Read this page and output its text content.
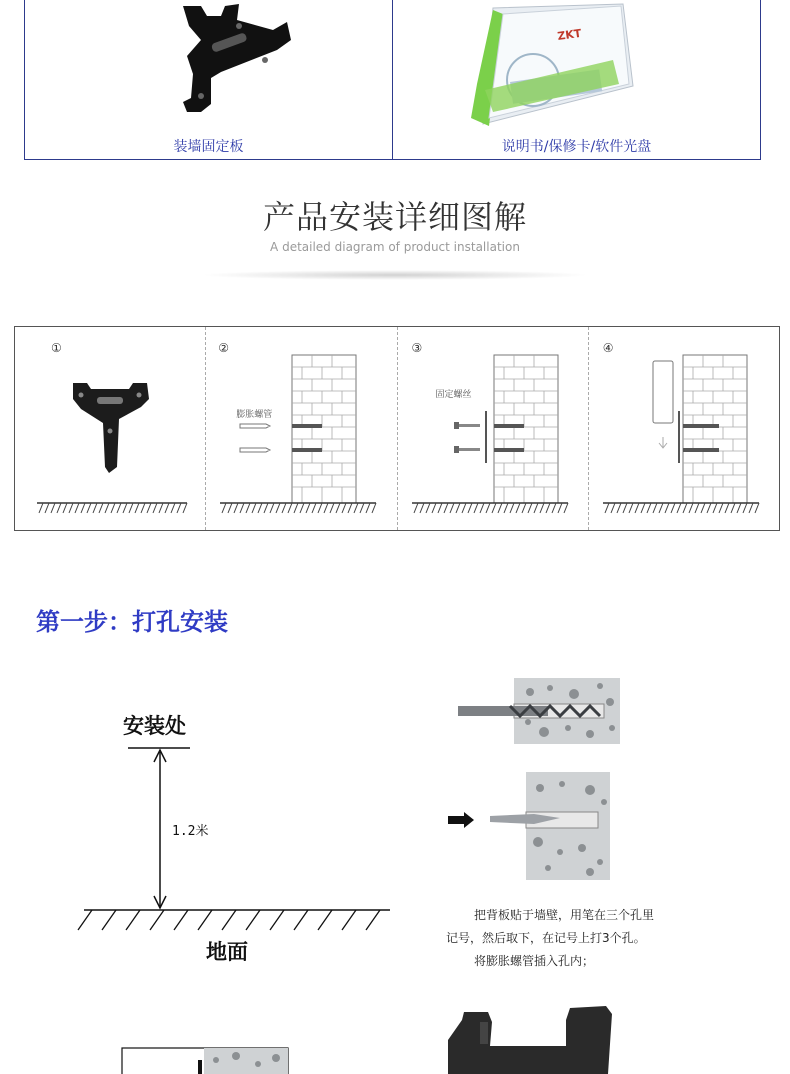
装墙固定板
ZKT
说明书/保修卡/软件光盘
产品安装详细图解
A detailed diagram of product installation
①	②
膨胀螺管
③
固定螺丝
④
第一步：打孔安装
安装处
1.2米
地面

把背板贴于墙壁，用笔在三个孔里

记号，然后取下，在记号上打3个孔。

将膨胀螺管插入孔内；
